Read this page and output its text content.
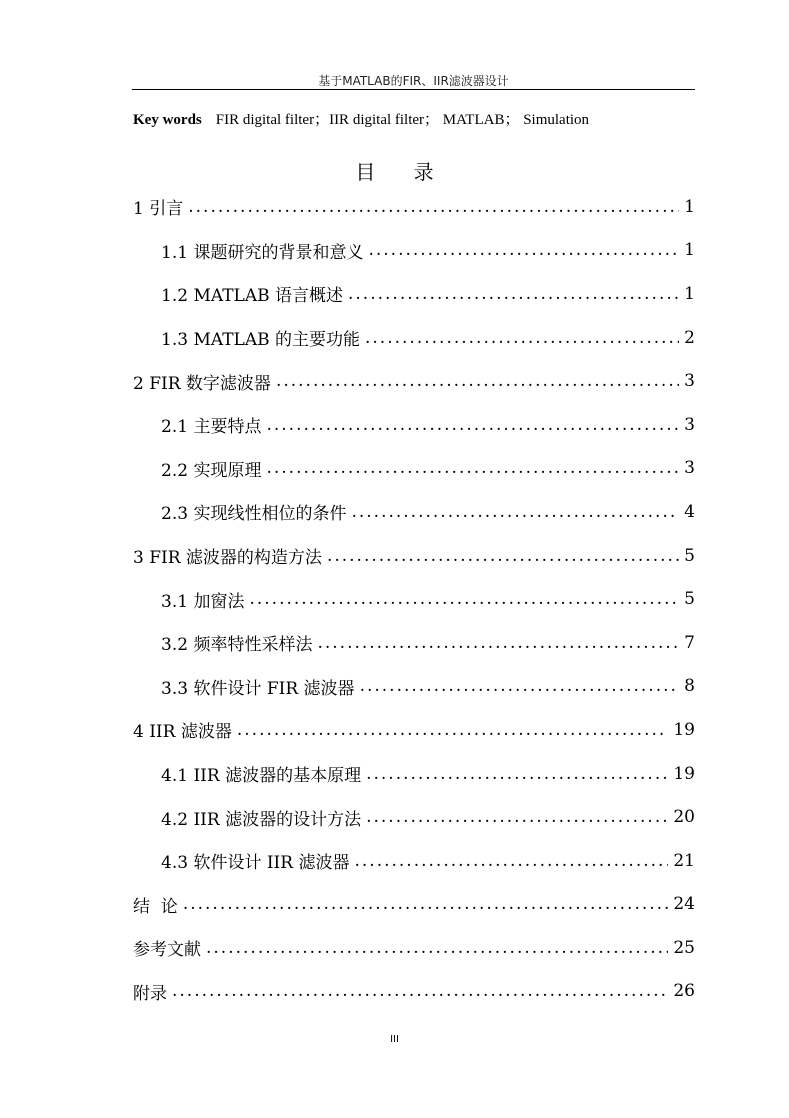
基于MATLAB的FIR、IIR滤波器设计
Key words FIR digital filter；IIR digital filter； MATLAB； Simulation
目 录
1 引言 .....	1
1.1 课题研究的背景和意义 .....	1
1.2 MATLAB 语言概述 .....	1
1.3 MATLAB 的主要功能 .....	2
2 FIR 数字滤波器 .....	3
2.1 主要特点 .....	3
2.2 实现原理 .....	3
2.3 实现线性相位的条件 .....	4
3 FIR 滤波器的构造方法 .....	5
3.1 加窗法 .....	5
3.2 频率特性采样法 .....	7
3.3 软件设计 FIR 滤波器 .....	8
4 IIR 滤波器 .....	19
4.1 IIR 滤波器的基本原理 .....	19
4.2 IIR 滤波器的设计方法 .....	20
4.3 软件设计 IIR 滤波器 .....	21
结  论 .....	24
参考文献 .....	25
附录 .....	26
III
